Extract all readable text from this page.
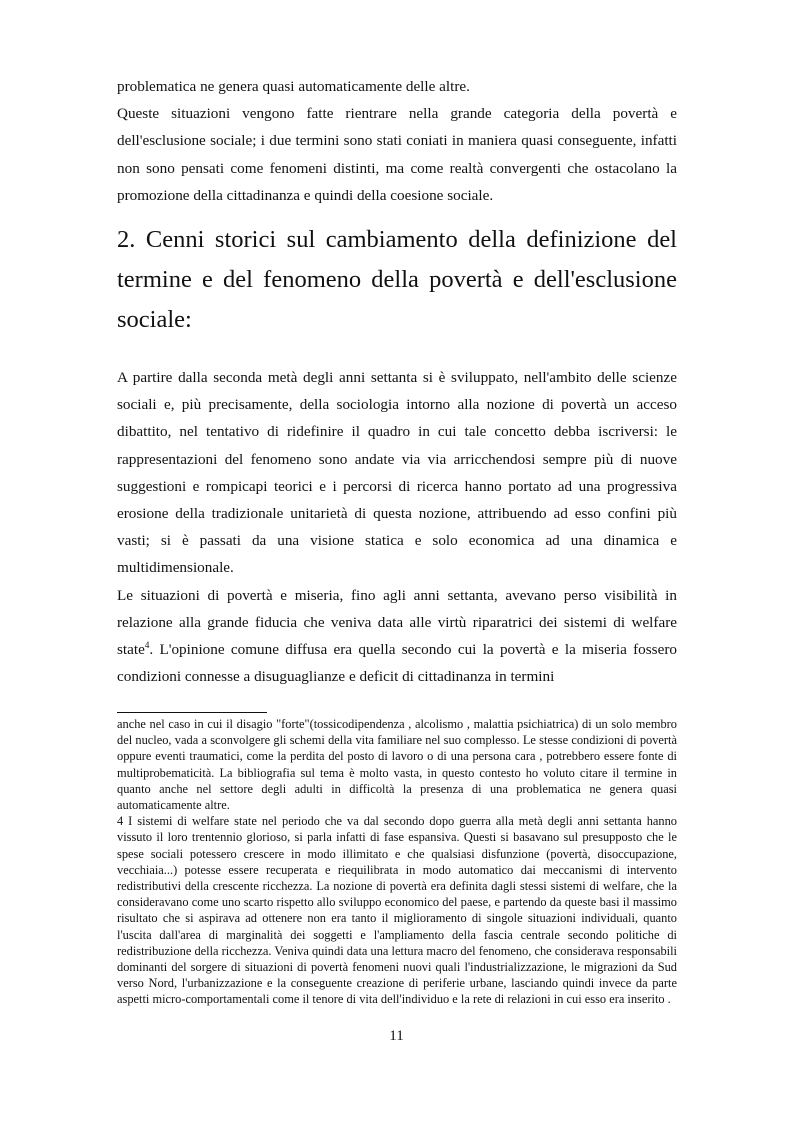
problematica ne genera quasi automaticamente delle altre.

Queste situazioni vengono fatte rientrare nella grande categoria della povertà e dell'esclusione sociale; i due termini sono stati coniati in maniera quasi conseguente, infatti non sono pensati come fenomeni distinti, ma come realtà convergenti che ostacolano la promozione della cittadinanza e quindi della coesione sociale.

2. Cenni storici sul cambiamento della definizione del termine e del fenomeno della povertà e dell'esclusione sociale:

A partire dalla seconda metà degli anni settanta si è sviluppato, nell'ambito delle scienze sociali e, più precisamente, della sociologia intorno alla nozione di povertà un acceso dibattito, nel tentativo di ridefinire il quadro in cui tale concetto debba iscriversi: le rappresentazioni del fenomeno sono andate via via arricchendosi sempre più di nuove suggestioni e rompicapi teorici e i percorsi di ricerca hanno portato ad una progressiva erosione della tradizionale unitarietà di questa nozione, attribuendo ad esso confini più vasti; si è passati da una visione statica e solo economica ad una dinamica e multidimensionale.

Le situazioni di povertà e miseria, fino agli anni settanta, avevano perso visibilità in relazione alla grande fiducia che veniva data alle virtù riparatrici dei sistemi di welfare state$^4$. L'opinione comune diffusa era quella secondo cui la povertà e la miseria fossero condizioni connesse a disuguaglianze e deficit di cittadinanza in termini

anche nel caso in cui il disagio "forte"(tossicodipendenza , alcolismo , malattia psichiatrica) di un solo membro del nucleo, vada a sconvolgere gli schemi della vita familiare nel suo complesso. Le stesse condizioni di povertà oppure eventi traumatici, come la perdita del posto di lavoro o di una persona cara , potrebbero essere fonte di multiprobematicità. La bibliografia sul tema è molto vasta, in questo contesto ho voluto citare il termine in quanto anche nel settore degli adulti in difficoltà la presenza di una problematica ne genera quasi automaticamente altre.

4 I sistemi di welfare state nel periodo che va dal secondo dopo guerra alla metà degli anni settanta hanno vissuto il loro trentennio glorioso, si parla infatti di fase espansiva. Questi si basavano sul presupposto che le spese sociali potessero crescere in modo illimitato e che qualsiasi disfunzione (povertà, disoccupazione, vecchiaia...) potesse essere recuperata e riequilibrata in modo automatico dai meccanismi di intervento redistributivi della crescente ricchezza. La nozione di povertà era definita dagli stessi sistemi di welfare, che la consideravano come uno scarto rispetto allo sviluppo economico del paese, e partendo da queste basi il massimo risultato che si aspirava ad ottenere non era tanto il miglioramento di singole situazioni individuali, quanto l'uscita dall'area di marginalità dei soggetti e l'ampliamento della fascia centrale secondo politiche di redistribuzione della ricchezza. Veniva quindi data una lettura macro del fenomeno, che considerava responsabili dominanti del sorgere di situazioni di povertà fenomeni nuovi quali l'industrializzazione, le migrazioni da Sud verso Nord, l'urbanizzazione e la conseguente creazione di periferie urbane, lasciando quindi invece da parte aspetti micro-comportamentali come il tenore di vita dell'individuo e la rete di relazioni in cui esso era inserito .

11
